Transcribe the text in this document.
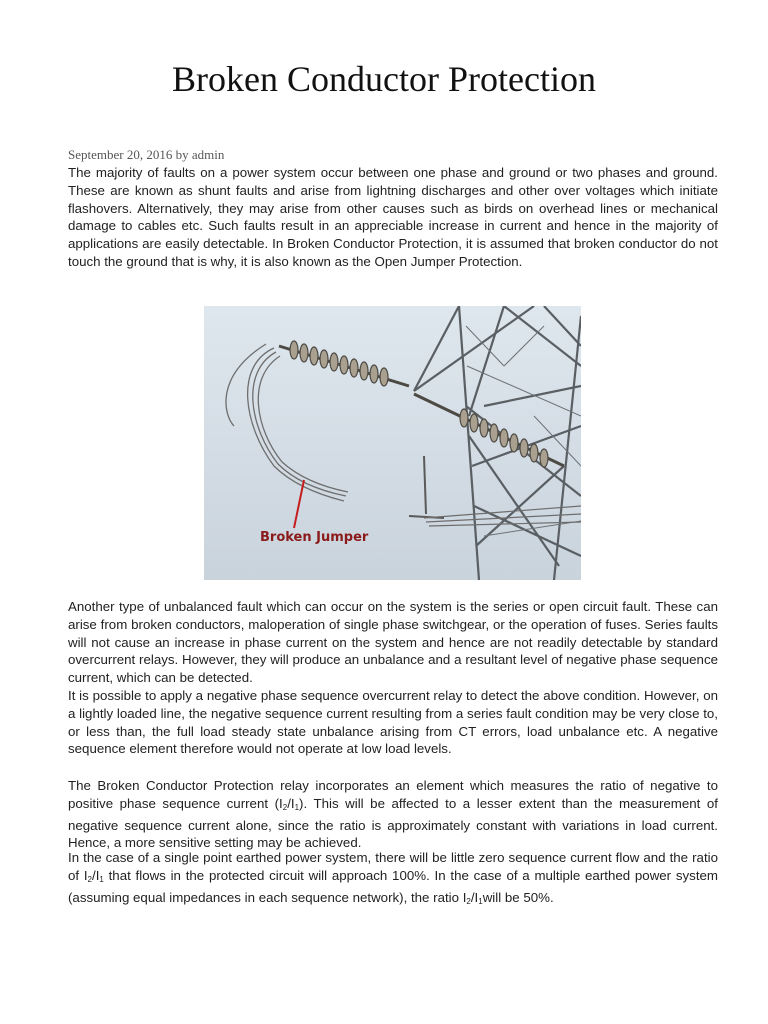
Broken Conductor Protection
September 20, 2016 by admin

The majority of faults on a power system occur between one phase and ground or two phases and ground. These are known as shunt faults and arise from lightning discharges and other over voltages which initiate flashovers. Alternatively, they may arise from other causes such as birds on overhead lines or mechanical damage to cables etc. Such faults result in an appreciable increase in current and hence in the majority of applications are easily detectable. In Broken Conductor Protection, it is assumed that broken conductor do not touch the ground that is why, it is also known as the Open Jumper Protection.

Broken Jumper

Another type of unbalanced fault which can occur on the system is the series or open circuit fault. These can arise from broken conductors, maloperation of single phase switchgear, or the operation of fuses. Series faults will not cause an increase in phase current on the system and hence are not readily detectable by standard overcurrent relays. However, they will produce an unbalance and a resultant level of negative phase sequence current, which can be detected.

It is possible to apply a negative phase sequence overcurrent relay to detect the above condition. However, on a lightly loaded line, the negative sequence current resulting from a series fault condition may be very close to, or less than, the full load steady state unbalance arising from CT errors, load unbalance etc. A negative sequence element therefore would not operate at low load levels.

The Broken Conductor Protection relay incorporates an element which measures the ratio of negative to positive phase sequence current $(I_2/I_1)$. This will be affected to a lesser extent than the measurement of negative sequence current alone, since the ratio is approximately constant with variations in load current. Hence, a more sensitive setting may be achieved.

In the case of a single point earthed power system, there will be little zero sequence current flow and the ratio of $I_2/I_1$ that flows in the protected circuit will approach 100%. In the case of a multiple earthed power system (assuming equal impedances in each sequence network), the ratio $I_2/I_1will$ be 50%.
